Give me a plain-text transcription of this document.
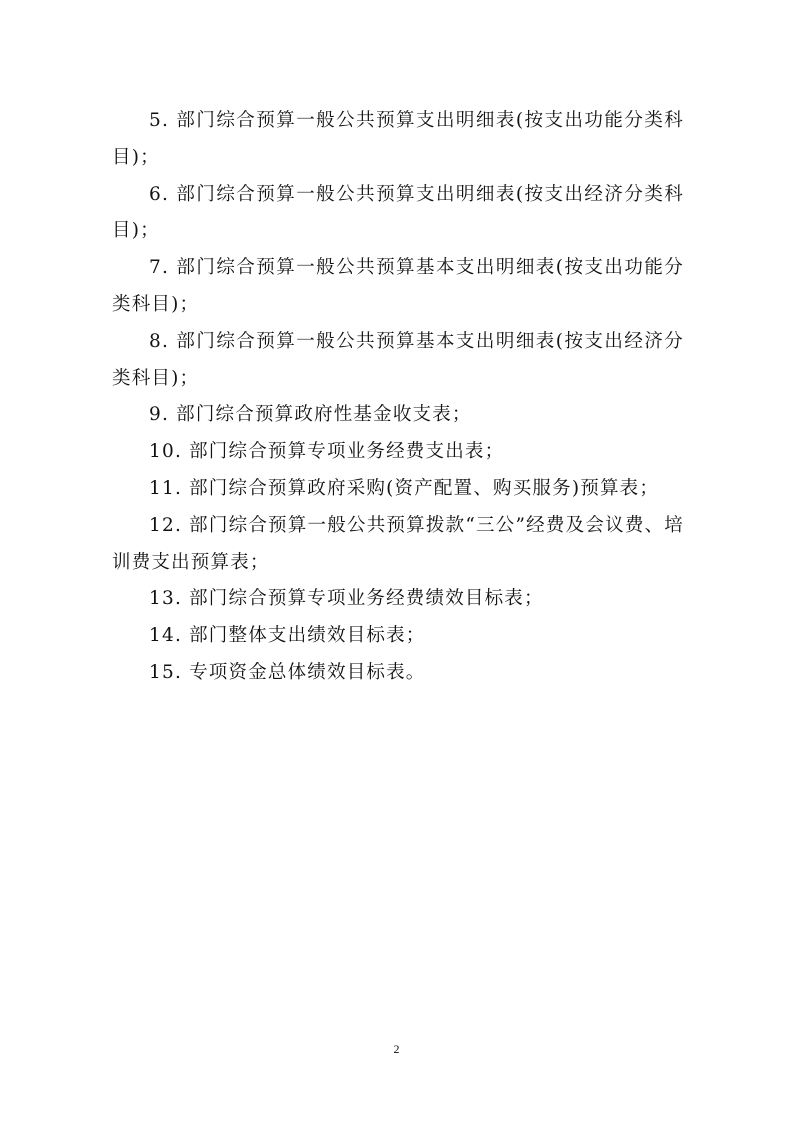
5. 部门综合预算一般公共预算支出明细表(按支出功能分类科目)；

6. 部门综合预算一般公共预算支出明细表(按支出经济分类科目)；

7. 部门综合预算一般公共预算基本支出明细表(按支出功能分类科目)；

8. 部门综合预算一般公共预算基本支出明细表(按支出经济分类科目)；

9. 部门综合预算政府性基金收支表；

10. 部门综合预算专项业务经费支出表；

11. 部门综合预算政府采购(资产配置、购买服务)预算表；

12. 部门综合预算一般公共预算拨款“三公”经费及会议费、培训费支出预算表；

13. 部门综合预算专项业务经费绩效目标表；

14. 部门整体支出绩效目标表；

15. 专项资金总体绩效目标表。

2
